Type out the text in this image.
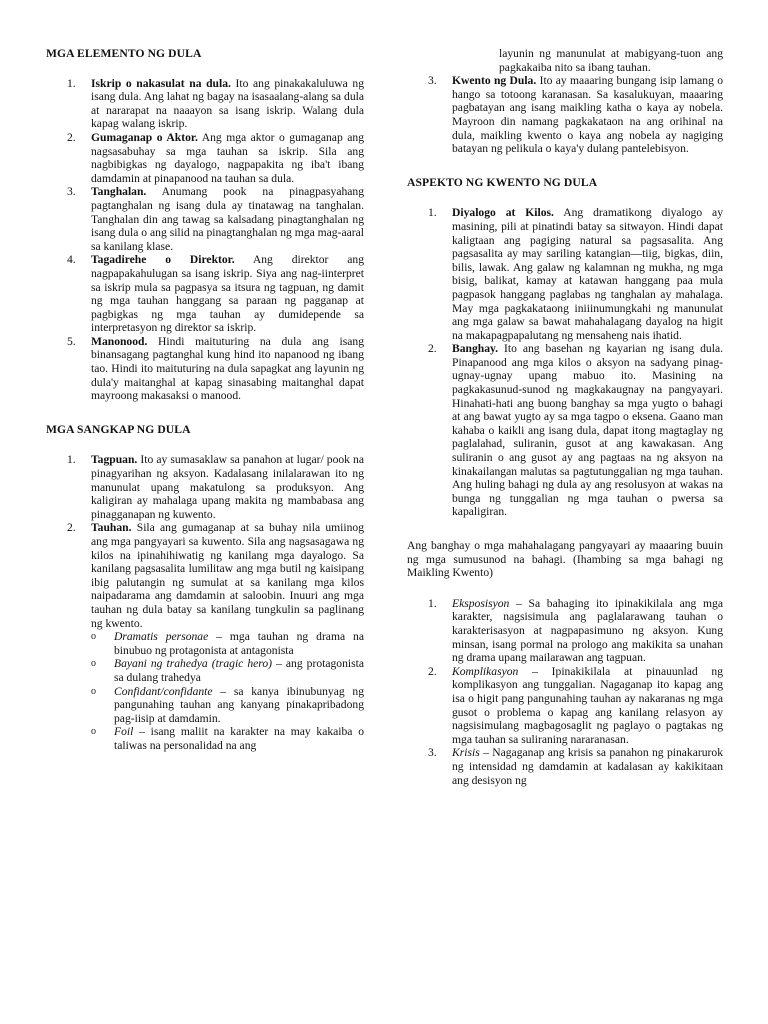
MGA ELEMENTO NG DULA
1. Iskrip o nakasulat na dula. Ito ang pinakakaluluwa ng isang dula. Ang lahat ng bagay na isasaalang-alang sa dula at nararapat na naaayon sa isang iskrip. Walang dula kapag walang iskrip.
2. Gumaganap o Aktor. Ang mga aktor o gumaganap ang nagsasabuhay sa mga tauhan sa iskrip. Sila ang nagbibigkas ng dayalogo, nagpapakita ng iba't ibang damdamin at pinapanood na tauhan sa dula.
3. Tanghalan. Anumang pook na pinagpasyahang pagtanghalan ng isang dula ay tinatawag na tanghalan. Tanghalan din ang tawag sa kalsadang pinagtanghalan ng isang dula o ang silid na pinagtanghalan ng mga mag-aaral sa kanilang klase.
4. Tagadirehe o Direktor. Ang direktor ang nagpapakahulugan sa isang iskrip. Siya ang nag-iinterpret sa iskrip mula sa pagpasya sa itsura ng tagpuan, ng damit ng mga tauhan hanggang sa paraan ng pagganap at pagbigkas ng mga tauhan ay dumidepende sa interpretasyon ng direktor sa iskrip.
5. Manonood. Hindi maituturing na dula ang isang binansagang pagtanghal kung hind ito napanood ng ibang tao. Hindi ito maituturing na dula sapagkat ang layunin ng dula'y maitanghal at kapag sinasabing maitanghal dapat mayroong makasaksi o manood.
MGA SANGKAP NG DULA
1. Tagpuan. Ito ay sumasaklaw sa panahon at lugar/ pook na pinagyarihan ng aksyon. Kadalasang inilalarawan ito ng manunulat upang makatulong sa produksyon. Ang kaligiran ay mahalaga upang makita ng mambabasa ang pinagganapan ng kuwento.
2. Tauhan. Sila ang gumaganap at sa buhay nila umiinog ang mga pangyayari sa kuwento. Sila ang nagsasagawa ng kilos na ipinahihiwatig ng kanilang mga dayalogo. Sa kanilang pagsasalita lumilitaw ang mga butil ng kaisipang ibig palutangin ng sumulat at sa kanilang mga kilos naipadarama ang damdamin at saloobin. Inuuri ang mga tauhan ng dula batay sa kanilang tungkulin sa paglinang ng kwento.
o Dramatis personae – mga tauhan ng drama na binubuo ng protagonista at antagonista
o Bayani ng trahedya (tragic hero) – ang protagonista sa dulang trahedya
o Confidant/confidante – sa kanya ibinubunyag ng pangunahing tauhan ang kanyang pinakapribadong pag-iisip at damdamin.
o Foil – isang maliit na karakter na may kakaiba o taliwas na personalidad na ang

layunin ng manunulat at mabigyang-tuon ang pagkakaiba nito sa ibang tauhan.

3. Kwento ng Dula. Ito ay maaaring bungang isip lamang o hango sa totoong karanasan. Sa kasalukuyan, maaaring pagbatayan ang isang maikling katha o kaya ay nobela. Mayroon din namang pagkakataon na ang orihinal na dula, maikling kwento o kaya ang nobela ay nagiging batayan ng pelikula o kaya'y dulang pantelebisyon.
ASPEKTO NG KWENTO NG DULA
1. Diyalogo at Kilos. Ang dramatikong diyalogo ay masining, pili at pinatindi batay sa sitwayon. Hindi dapat kaligtaan ang pagiging natural sa pagsasalita. Ang pagsasalita ay may sariling katangian—tiig, bigkas, diin, bilis, lawak. Ang galaw ng kalamnan ng mukha, ng mga bisig, balikat, kamay at katawan hanggang paa mula pagpasok hanggang paglabas ng tanghalan ay mahalaga. May mga pagkakataong iniiinumungkahi ng manunulat ang mga galaw sa bawat mahahalagang dayalog na higit na makapagpapalutang ng mensaheng nais ihatid.
2. Banghay. Ito ang basehan ng kayarian ng isang dula. Pinapanood ang mga kilos o aksyon na sadyang pinag-ugnay-ugnay upang mabuo ito. Masining na pagkakasunud-sunod ng magkakaugnay na pangyayari. Hinahati-hati ang buong banghay sa mga yugto o bahagi at ang bawat yugto ay sa mga tagpo o eksena. Gaano man kahaba o kaikli ang isang dula, dapat itong magtaglay ng paglalahad, suliranin, gusot at ang kawakasan. Ang suliranin o ang gusot ay ang pagtaas na ng aksyon na kinakailangan malutas sa pagtutunggalian ng mga tauhan. Ang huling bahagi ng dula ay ang resolusyon at wakas na bunga ng tunggalian ng mga tauhan o pwersa sa kapaligiran.

Ang banghay o mga mahahalagang pangyayari ay maaaring buuin ng mga sumusunod na bahagi. (Ihambing sa mga bahagi ng Maikling Kwento)

1. Eksposisyon – Sa bahaging ito ipinakikilala ang mga karakter, nagsisimula ang paglalarawang tauhan o karakterisasyon at nagpapasimuno ng aksyon. Kung minsan, isang pormal na prologo ang makikita sa unahan ng drama upang mailarawan ang tagpuan.
2. Komplikasyon – Ipinakikilala at pinauunlad ng komplikasyon ang tunggalian. Nagaganap ito kapag ang isa o higit pang pangunahing tauhan ay nakaranas ng mga gusot o problema o kapag ang kanilang relasyon ay nagsisimulang magbagosaglit ng paglayo o pagtakas ng mga tauhan sa suliraning nararanasan.
3. Krisis – Nagaganap ang krisis sa panahon ng pinakarurok ng intensidad ng damdamin at kadalasan ay kakikitaan ang desisyon ng
